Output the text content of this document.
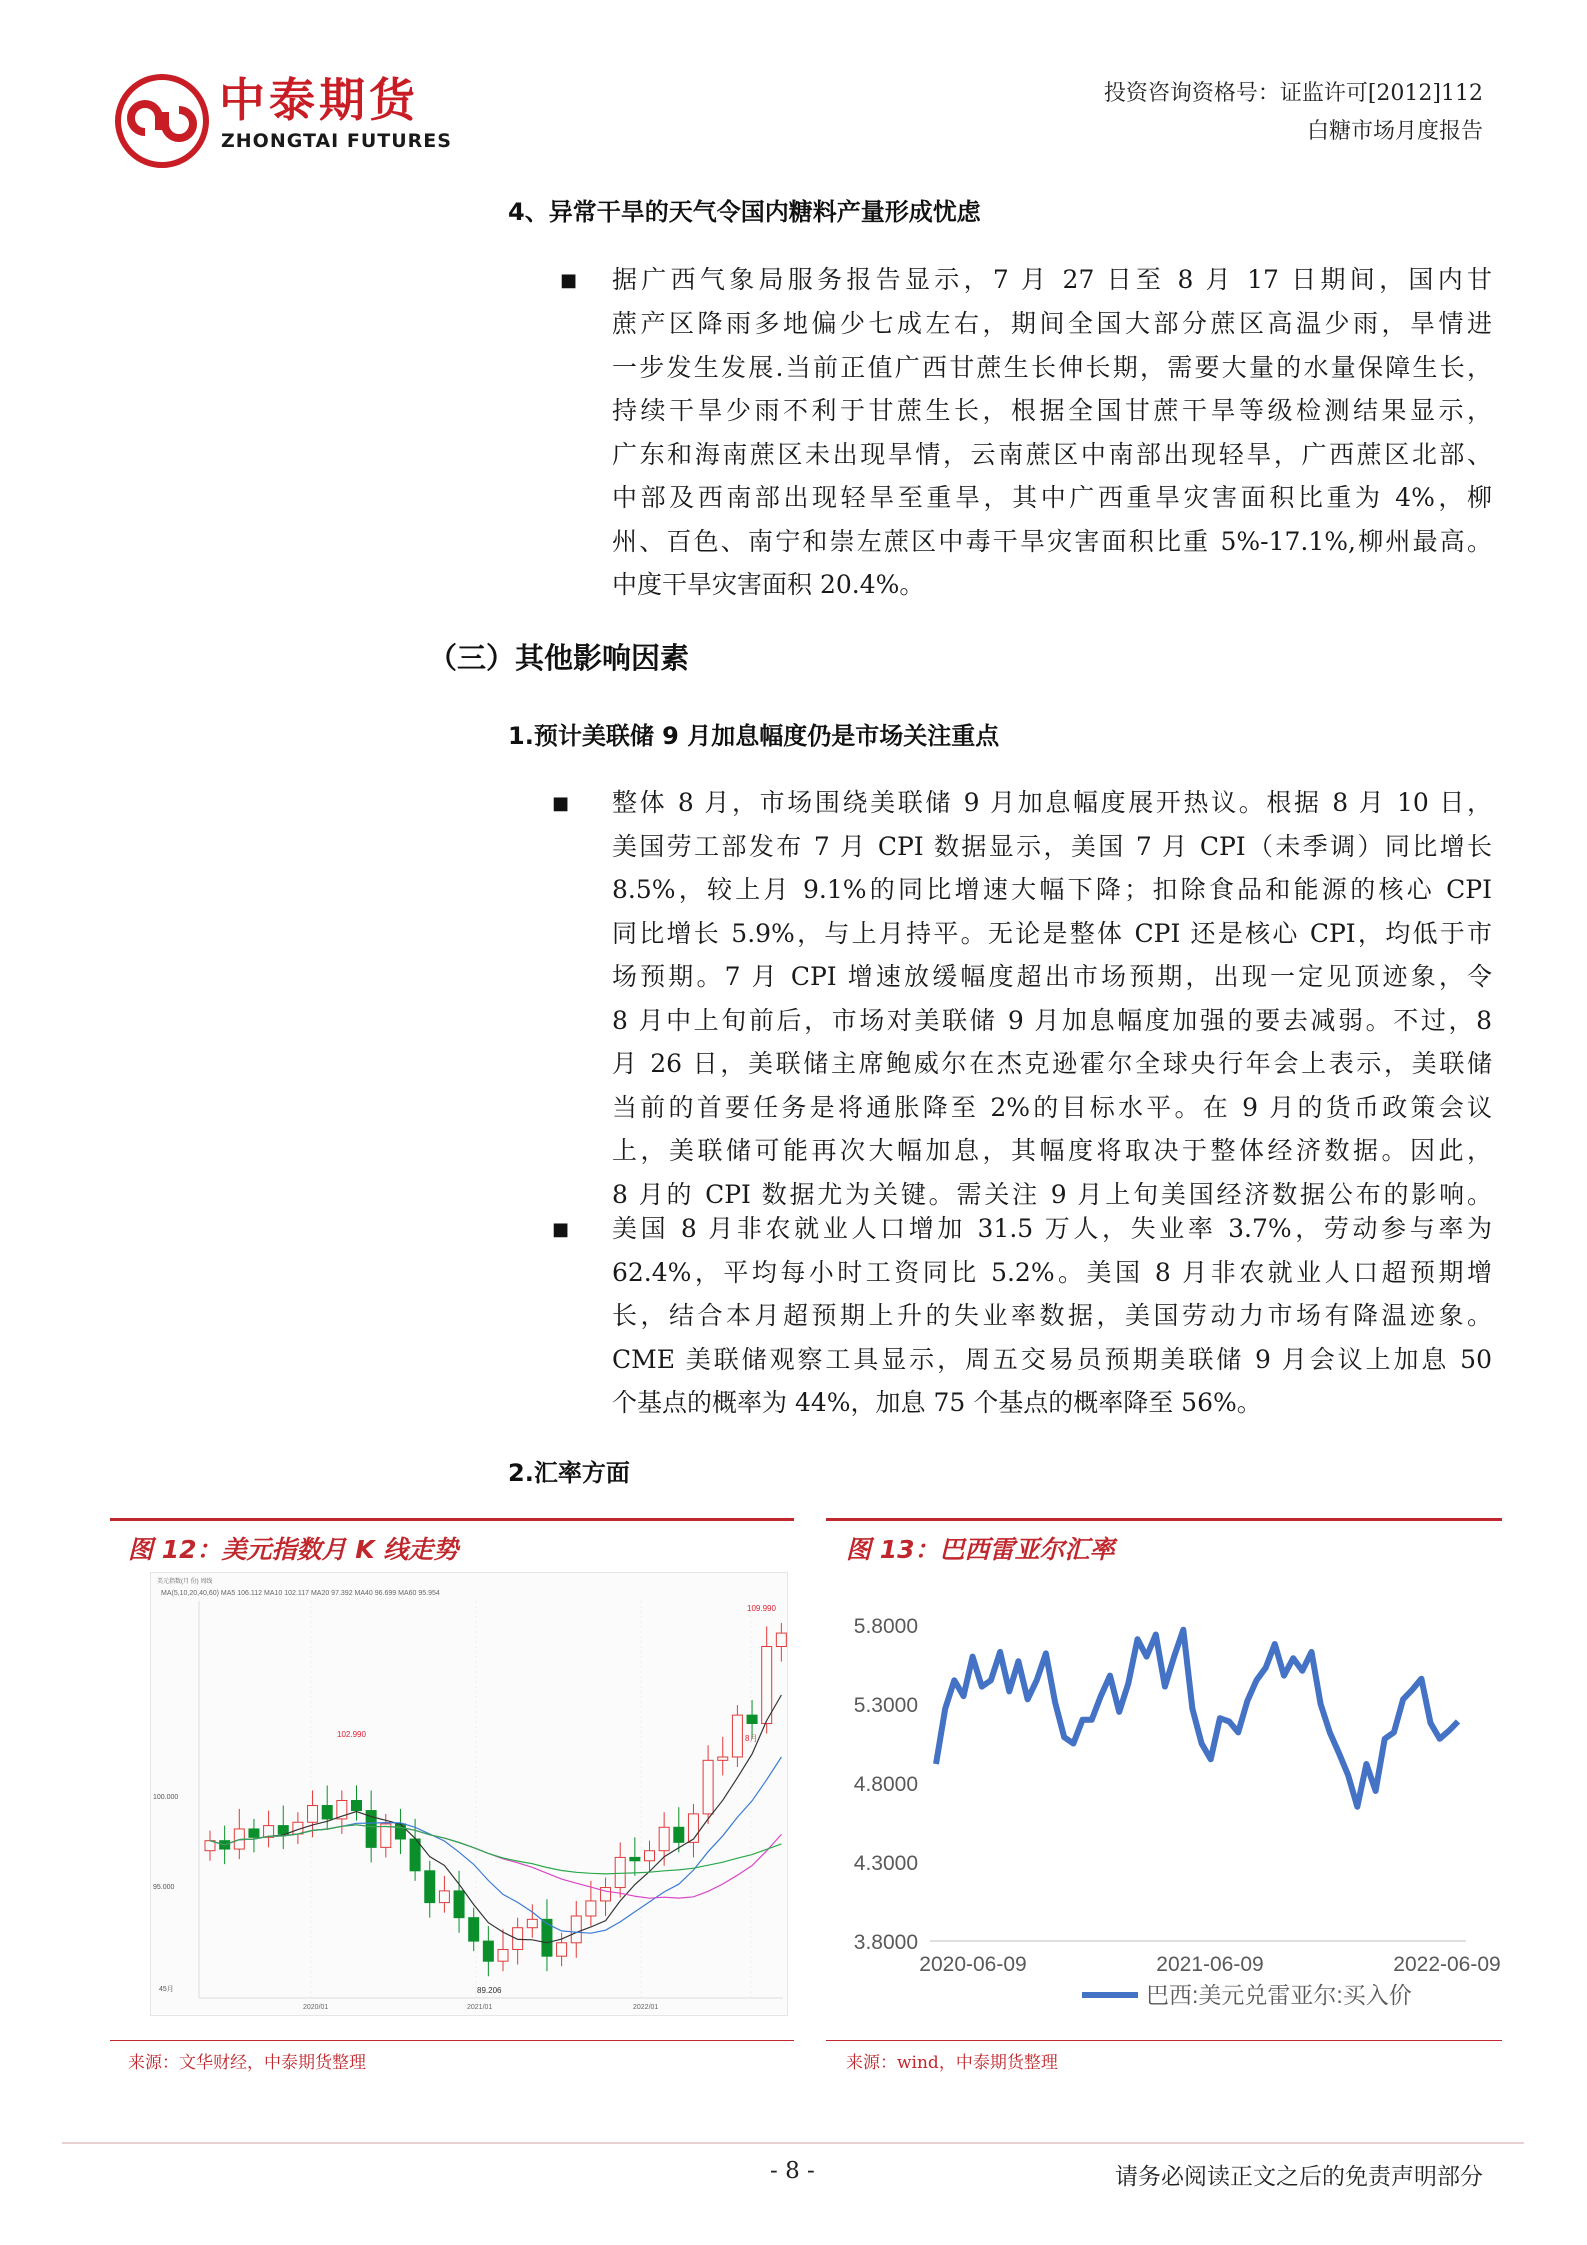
中泰期货
ZHONGTAI FUTURES
投资咨询资格号：证监许可[2012]112
白糖市场月度报告
4、异常干旱的天气令国内糖料产量形成忧虑
■ 据广西气象局服务报告显示，7 月 27 日至 8 月 17 日期间，国内甘
蔗产区降雨多地偏少七成左右，期间全国大部分蔗区高温少雨，旱情进
一步发生发展.当前正值广西甘蔗生长伸长期，需要大量的水量保障生长，
持续干旱少雨不利于甘蔗生长，根据全国甘蔗干旱等级检测结果显示，
广东和海南蔗区未出现旱情，云南蔗区中南部出现轻旱，广西蔗区北部、
中部及西南部出现轻旱至重旱，其中广西重旱灾害面积比重为 4%，柳
州、百色、南宁和崇左蔗区中毒干旱灾害面积比重 5%-17.1%,柳州最高。
中度干旱灾害面积 20.4%。
（三）其他影响因素
1.预计美联储 9 月加息幅度仍是市场关注重点
■ 整体 8 月，市场围绕美联储 9 月加息幅度展开热议。根据 8 月 10 日，
美国劳工部发布 7 月 CPI 数据显示，美国 7 月 CPI（未季调）同比增长
8.5%，较上月 9.1%的同比增速大幅下降；扣除食品和能源的核心 CPI
同比增长 5.9%，与上月持平。无论是整体 CPI 还是核心 CPI，均低于市
场预期。7 月 CPI 增速放缓幅度超出市场预期，出现一定见顶迹象，令
8 月中上旬前后，市场对美联储 9 月加息幅度加强的要去减弱。不过，8
月 26 日，美联储主席鲍威尔在杰克逊霍尔全球央行年会上表示，美联储
当前的首要任务是将通胀降至 2%的目标水平。在 9 月的货币政策会议
上，美联储可能再次大幅加息，其幅度将取决于整体经济数据。因此，
8 月的 CPI 数据尤为关键。需关注 9 月上旬美国经济数据公布的影响。
■ 美国 8 月非农就业人口增加 31.5 万人，失业率 3.7%，劳动参与率为
62.4%，平均每小时工资同比 5.2%。美国 8 月非农就业人口超预期增
长，结合本月超预期上升的失业率数据，美国劳动力市场有降温迹象。
CME 美联储观察工具显示，周五交易员预期美联储 9 月会议上加息 50
个基点的概率为 44%，加息 75 个基点的概率降至 56%。
2.汇率方面
图 12：美元指数月 K 线走势
美元指数(月 份) 周线
MA(5,10,20,40,60) MA5 106.112 MA10 102.117 MA20 97.392 MA40 96.699 MA60 95.954
109.990
102.990
89.206
8月
100.000
95.000
45月
2020/01	2021/01	2022/01
来源：文华财经，中泰期货整理
图 13：巴西雷亚尔汇率
5.8000
5.3000
4.8000
4.3000
3.8000
2020-06-09	2021-06-09	2022-06-09
巴西:美元兑雷亚尔:买入价
来源：wind，中泰期货整理
- 8 -	请务必阅读正文之后的免责声明部分
